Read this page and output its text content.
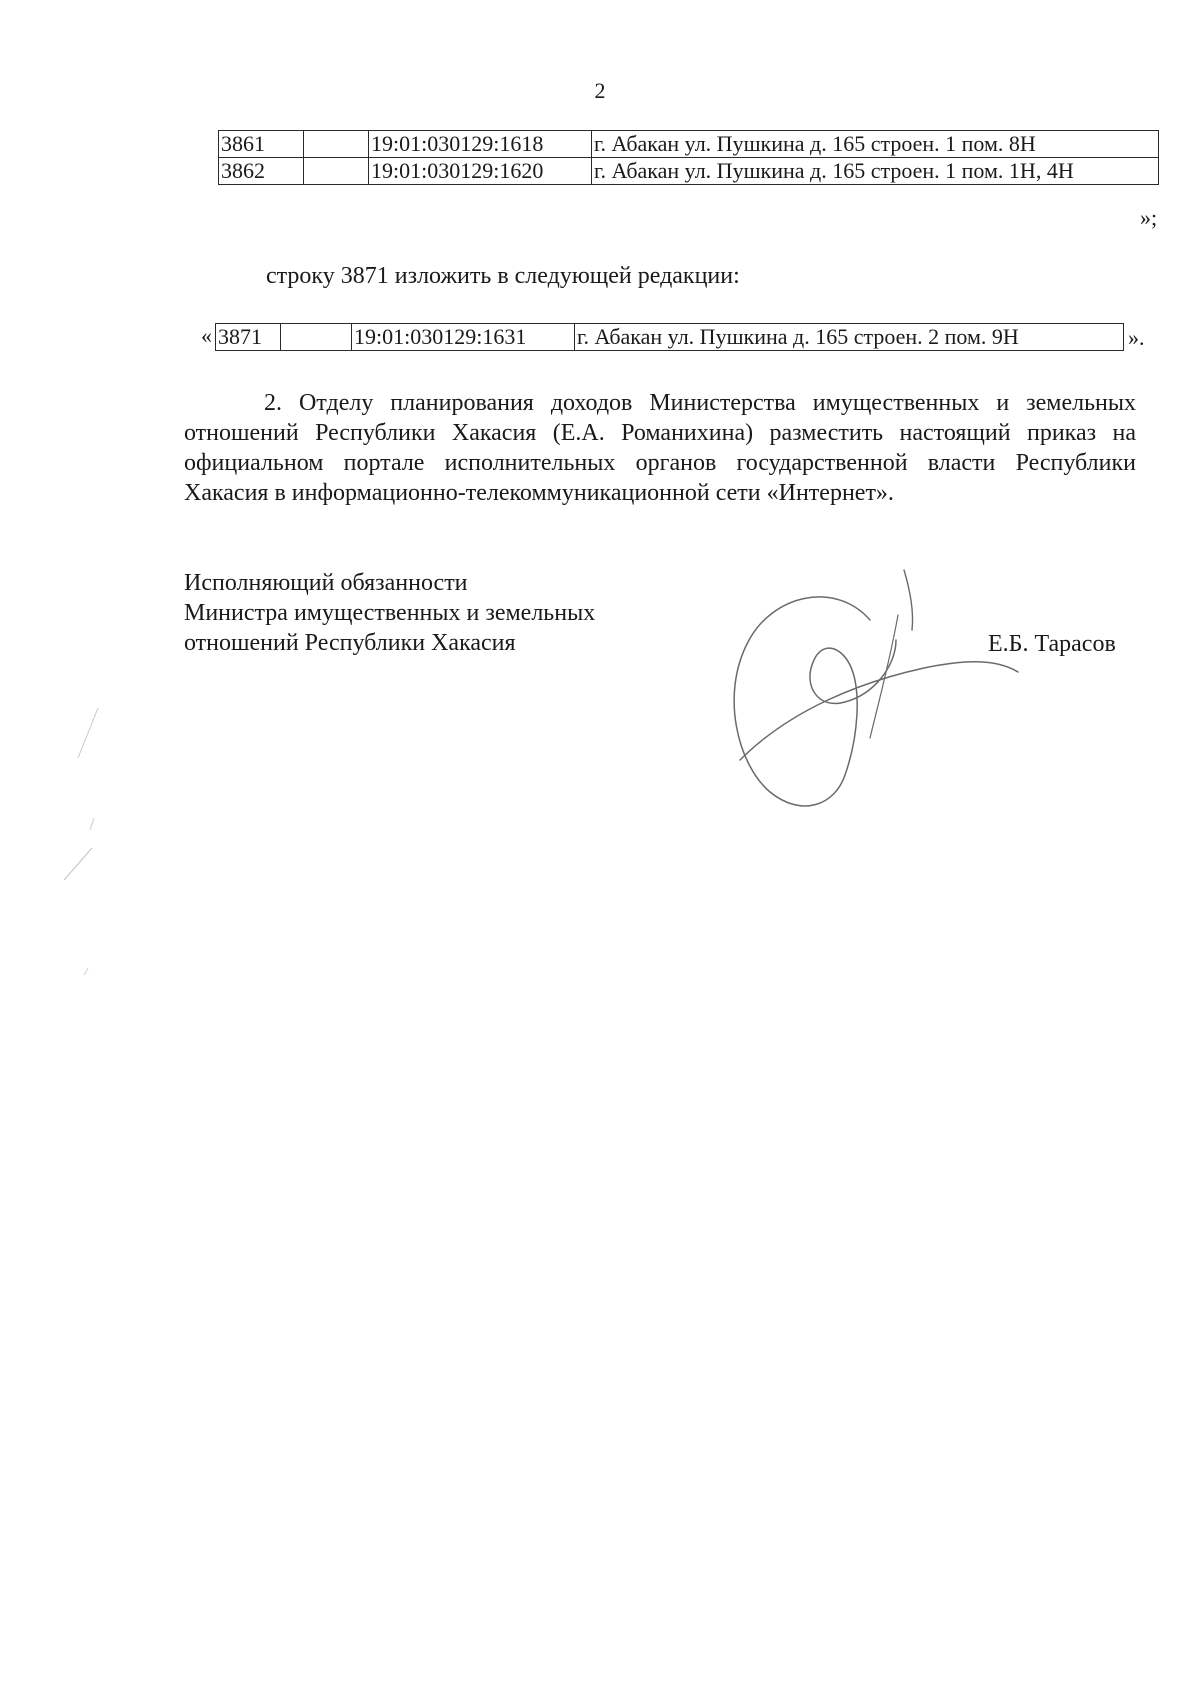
2
3861		19:01:030129:1618	г. Абакан ул. Пушкина д. 165 строен. 1 пом. 8Н
3862		19:01:030129:1620	г. Абакан ул. Пушкина д. 165 строен. 1 пом. 1Н, 4Н
»;
строку 3871 изложить в следующей редакции:
« 3871		19:01:030129:1631	г. Абакан ул. Пушкина д. 165 строен. 2 пом. 9Н	».
2. Отделу планирования доходов Министерства имущественных и земельных отношений Республики Хакасия (Е.А. Романихина) разместить настоящий приказ на официальном портале исполнительных органов государственной власти Республики Хакасия в информационно-телекоммуникационной сети «Интернет».
Исполняющий обязанности
Министра имущественных и земельных
отношений Республики Хакасия	Е.Б. Тарасов
